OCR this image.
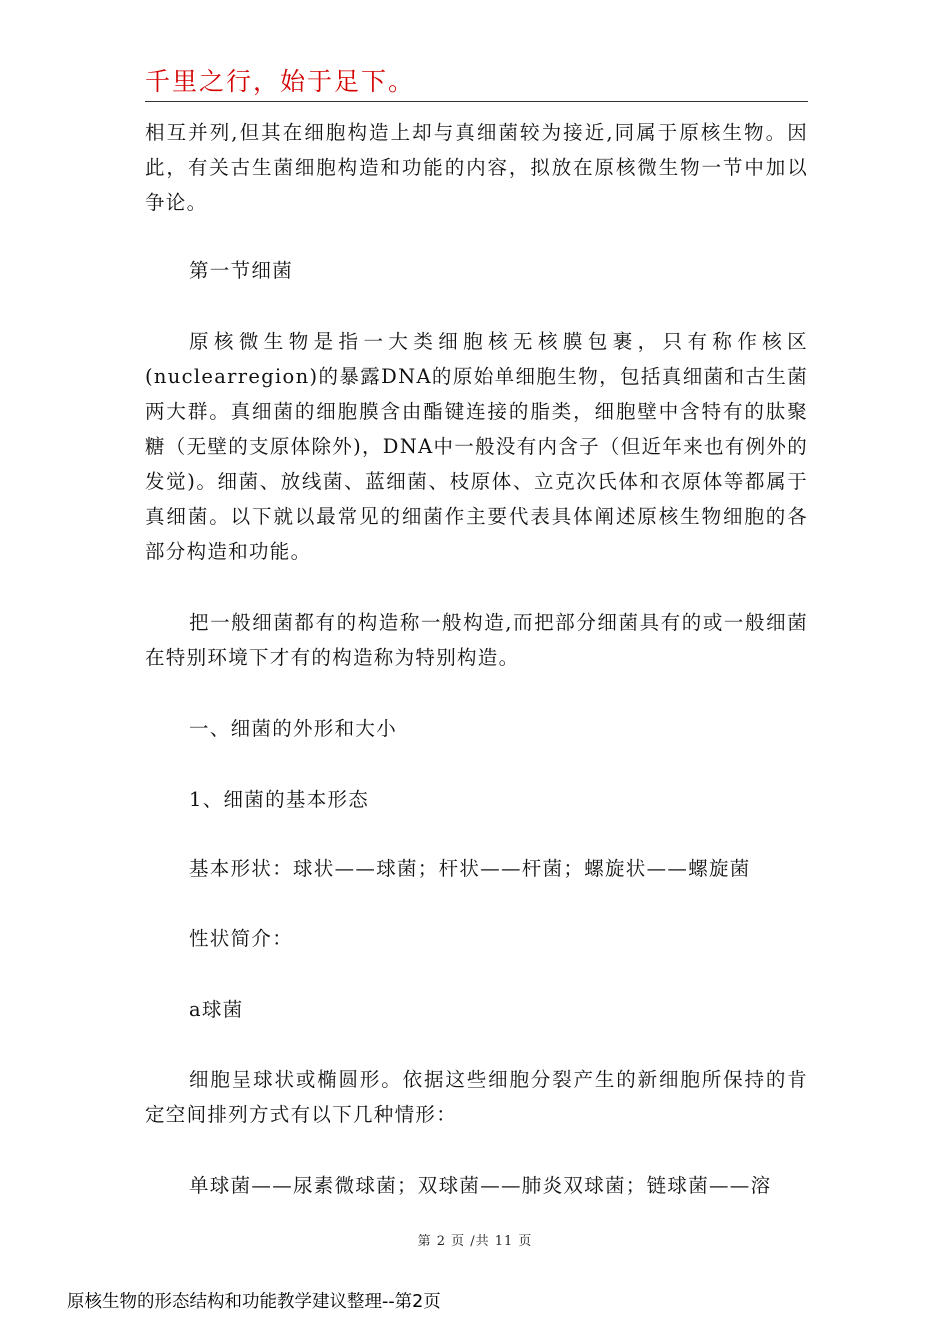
千里之行，始于足下。

相互并列,但其在细胞构造上却与真细菌较为接近,同属于原核生物。因此，有关古生菌细胞构造和功能的内容，拟放在原核微生物一节中加以争论。

第一节细菌

原核微生物是指一大类细胞核无核膜包裹，只有称作核区(nuclearregion)的暴露DNA的原始单细胞生物，包括真细菌和古生菌两大群。真细菌的细胞膜含由酯键连接的脂类，细胞壁中含特有的肽聚糖（无壁的支原体除外)，DNA中一般没有内含子（但近年来也有例外的发觉)。细菌、放线菌、蓝细菌、枝原体、立克次氏体和衣原体等都属于真细菌。以下就以最常见的细菌作主要代表具体阐述原核生物细胞的各部分构造和功能。

把一般细菌都有的构造称一般构造,而把部分细菌具有的或一般细菌在特别环境下才有的构造称为特别构造。

一、细菌的外形和大小

1、细菌的基本形态

基本形状：球状——球菌；杆状——杆菌；螺旋状——螺旋菌

性状简介：

a球菌

细胞呈球状或椭圆形。依据这些细胞分裂产生的新细胞所保持的肯定空间排列方式有以下几种情形：

单球菌——尿素微球菌；双球菌——肺炎双球菌；链球菌——溶

第 2 页 /共 11 页
原核生物的形态结构和功能教学建议整理--第2页
